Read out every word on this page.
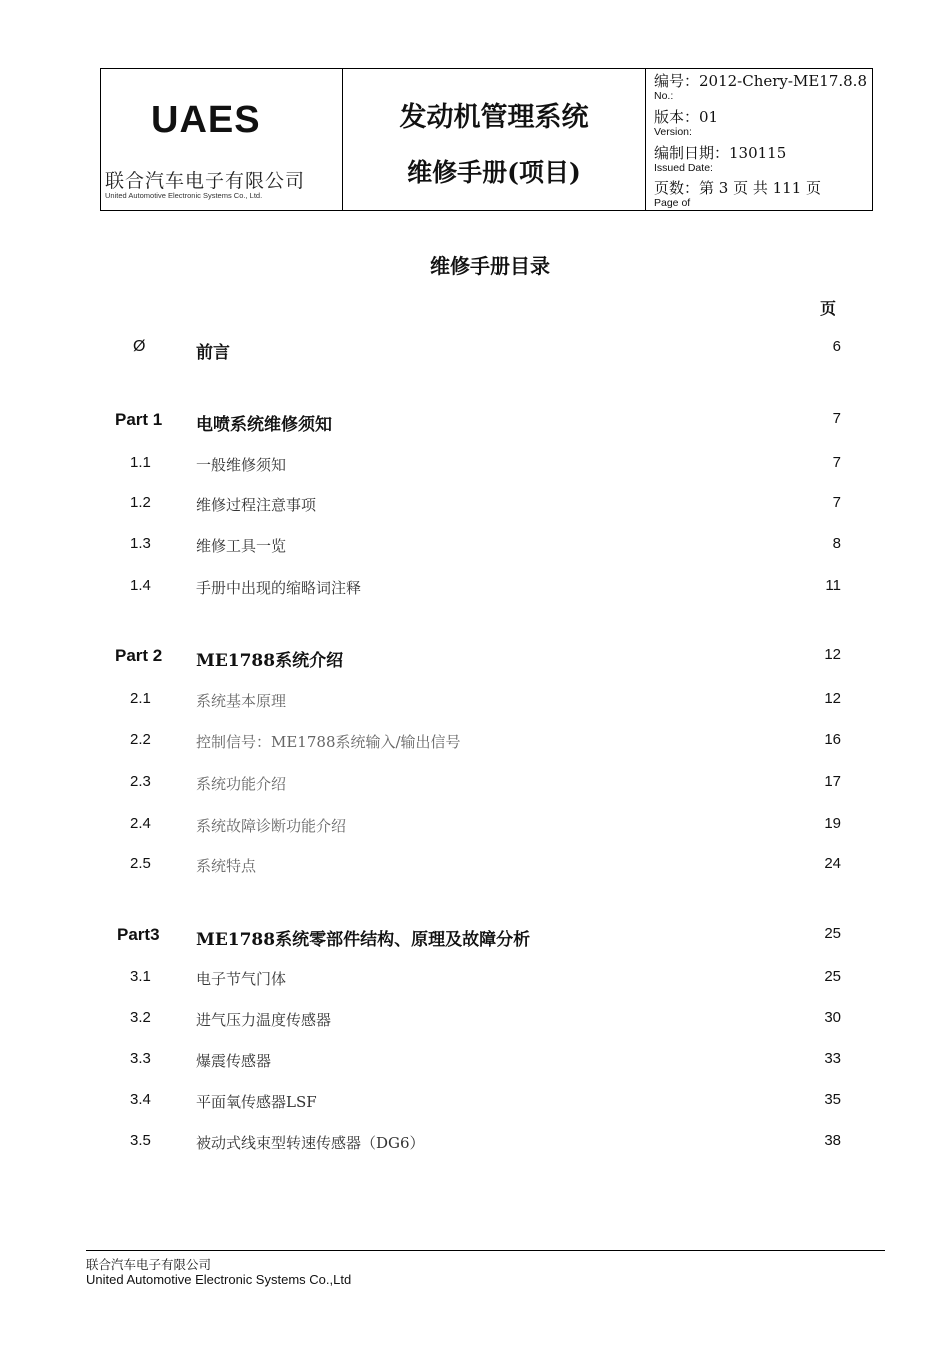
UAES
联合汽车电子有限公司
United Automotive Electronic Systems Co., Ltd.
发动机管理系统
维修手册(项目)
编号：2012-Chery-ME17.8.8
No.:
版本：01
Version:
编制日期：130115
Issued Date:
页数：第 3 页 共 111 页
Page of
维修手册目录
页
Ø	前言	6
Part 1	电喷系统维修须知	7
1.1	一般维修须知	7
1.2	维修过程注意事项	7
1.3	维修工具一览	8
1.4	手册中出现的缩略词注释	11
Part 2	ME1788系统介绍	12
2.1	系统基本原理	12
2.2	控制信号：ME1788系统输入/输出信号	16
2.3	系统功能介绍	17
2.4	系统故障诊断功能介绍	19
2.5	系统特点	24
Part3	ME1788系统零部件结构、原理及故障分析	25
3.1	电子节气门体	25
3.2	进气压力温度传感器	30
3.3	爆震传感器	33
3.4	平面氧传感器LSF	35
3.5	被动式线束型转速传感器（DG6）	38
联合汽车电子有限公司
United Automotive Electronic Systems Co.,Ltd
